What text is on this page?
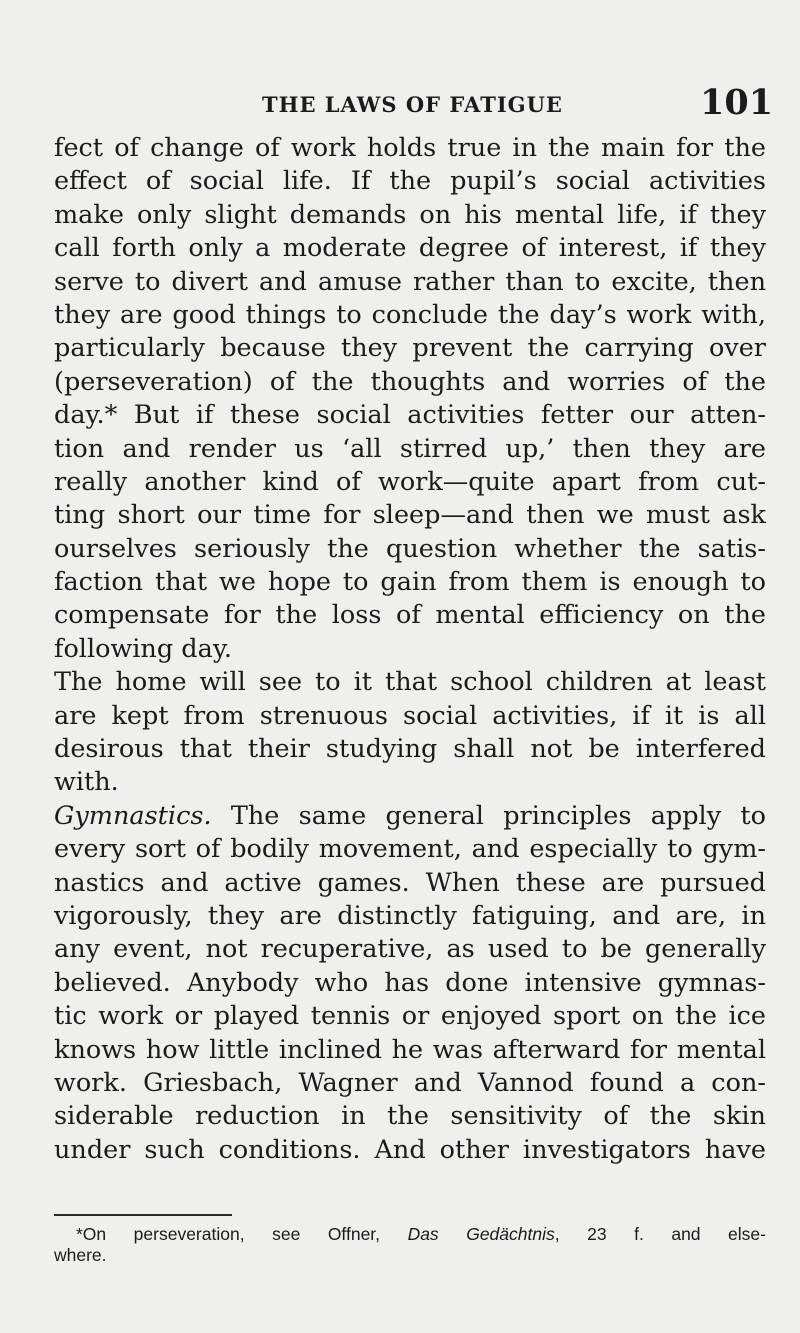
THE LAWS OF FATIGUE	101
fect of change of work holds true in the main for the
effect of social life. If the pupil’s social activities
make only slight demands on his mental life, if they
call forth only a moderate degree of interest, if they
serve to divert and amuse rather than to excite, then
they are good things to conclude the day’s work with,
particularly because they prevent the carrying over
(perseveration) of the thoughts and worries of the
day.* But if these social activities fetter our atten-
tion and render us ‘all stirred up,’ then they are
really another kind of work—quite apart from cut-
ting short our time for sleep—and then we must ask
ourselves seriously the question whether the satis-
faction that we hope to gain from them is enough to
compensate for the loss of mental efficiency on the
following day.
The home will see to it that school children at least
are kept from strenuous social activities, if it is all
desirous that their studying shall not be interfered
with.
Gymnastics. The same general principles apply to
every sort of bodily movement, and especially to gym-
nastics and active games. When these are pursued
vigorously, they are distinctly fatiguing, and are, in
any event, not recuperative, as used to be generally
believed. Anybody who has done intensive gymnas-
tic work or played tennis or enjoyed sport on the ice
knows how little inclined he was afterward for mental
work. Griesbach, Wagner and Vannod found a con-
siderable reduction in the sensitivity of the skin
under such conditions. And other investigators have
*On perseveration, see Offner, Das Gedächtnis, 23 f. and else-
where.
